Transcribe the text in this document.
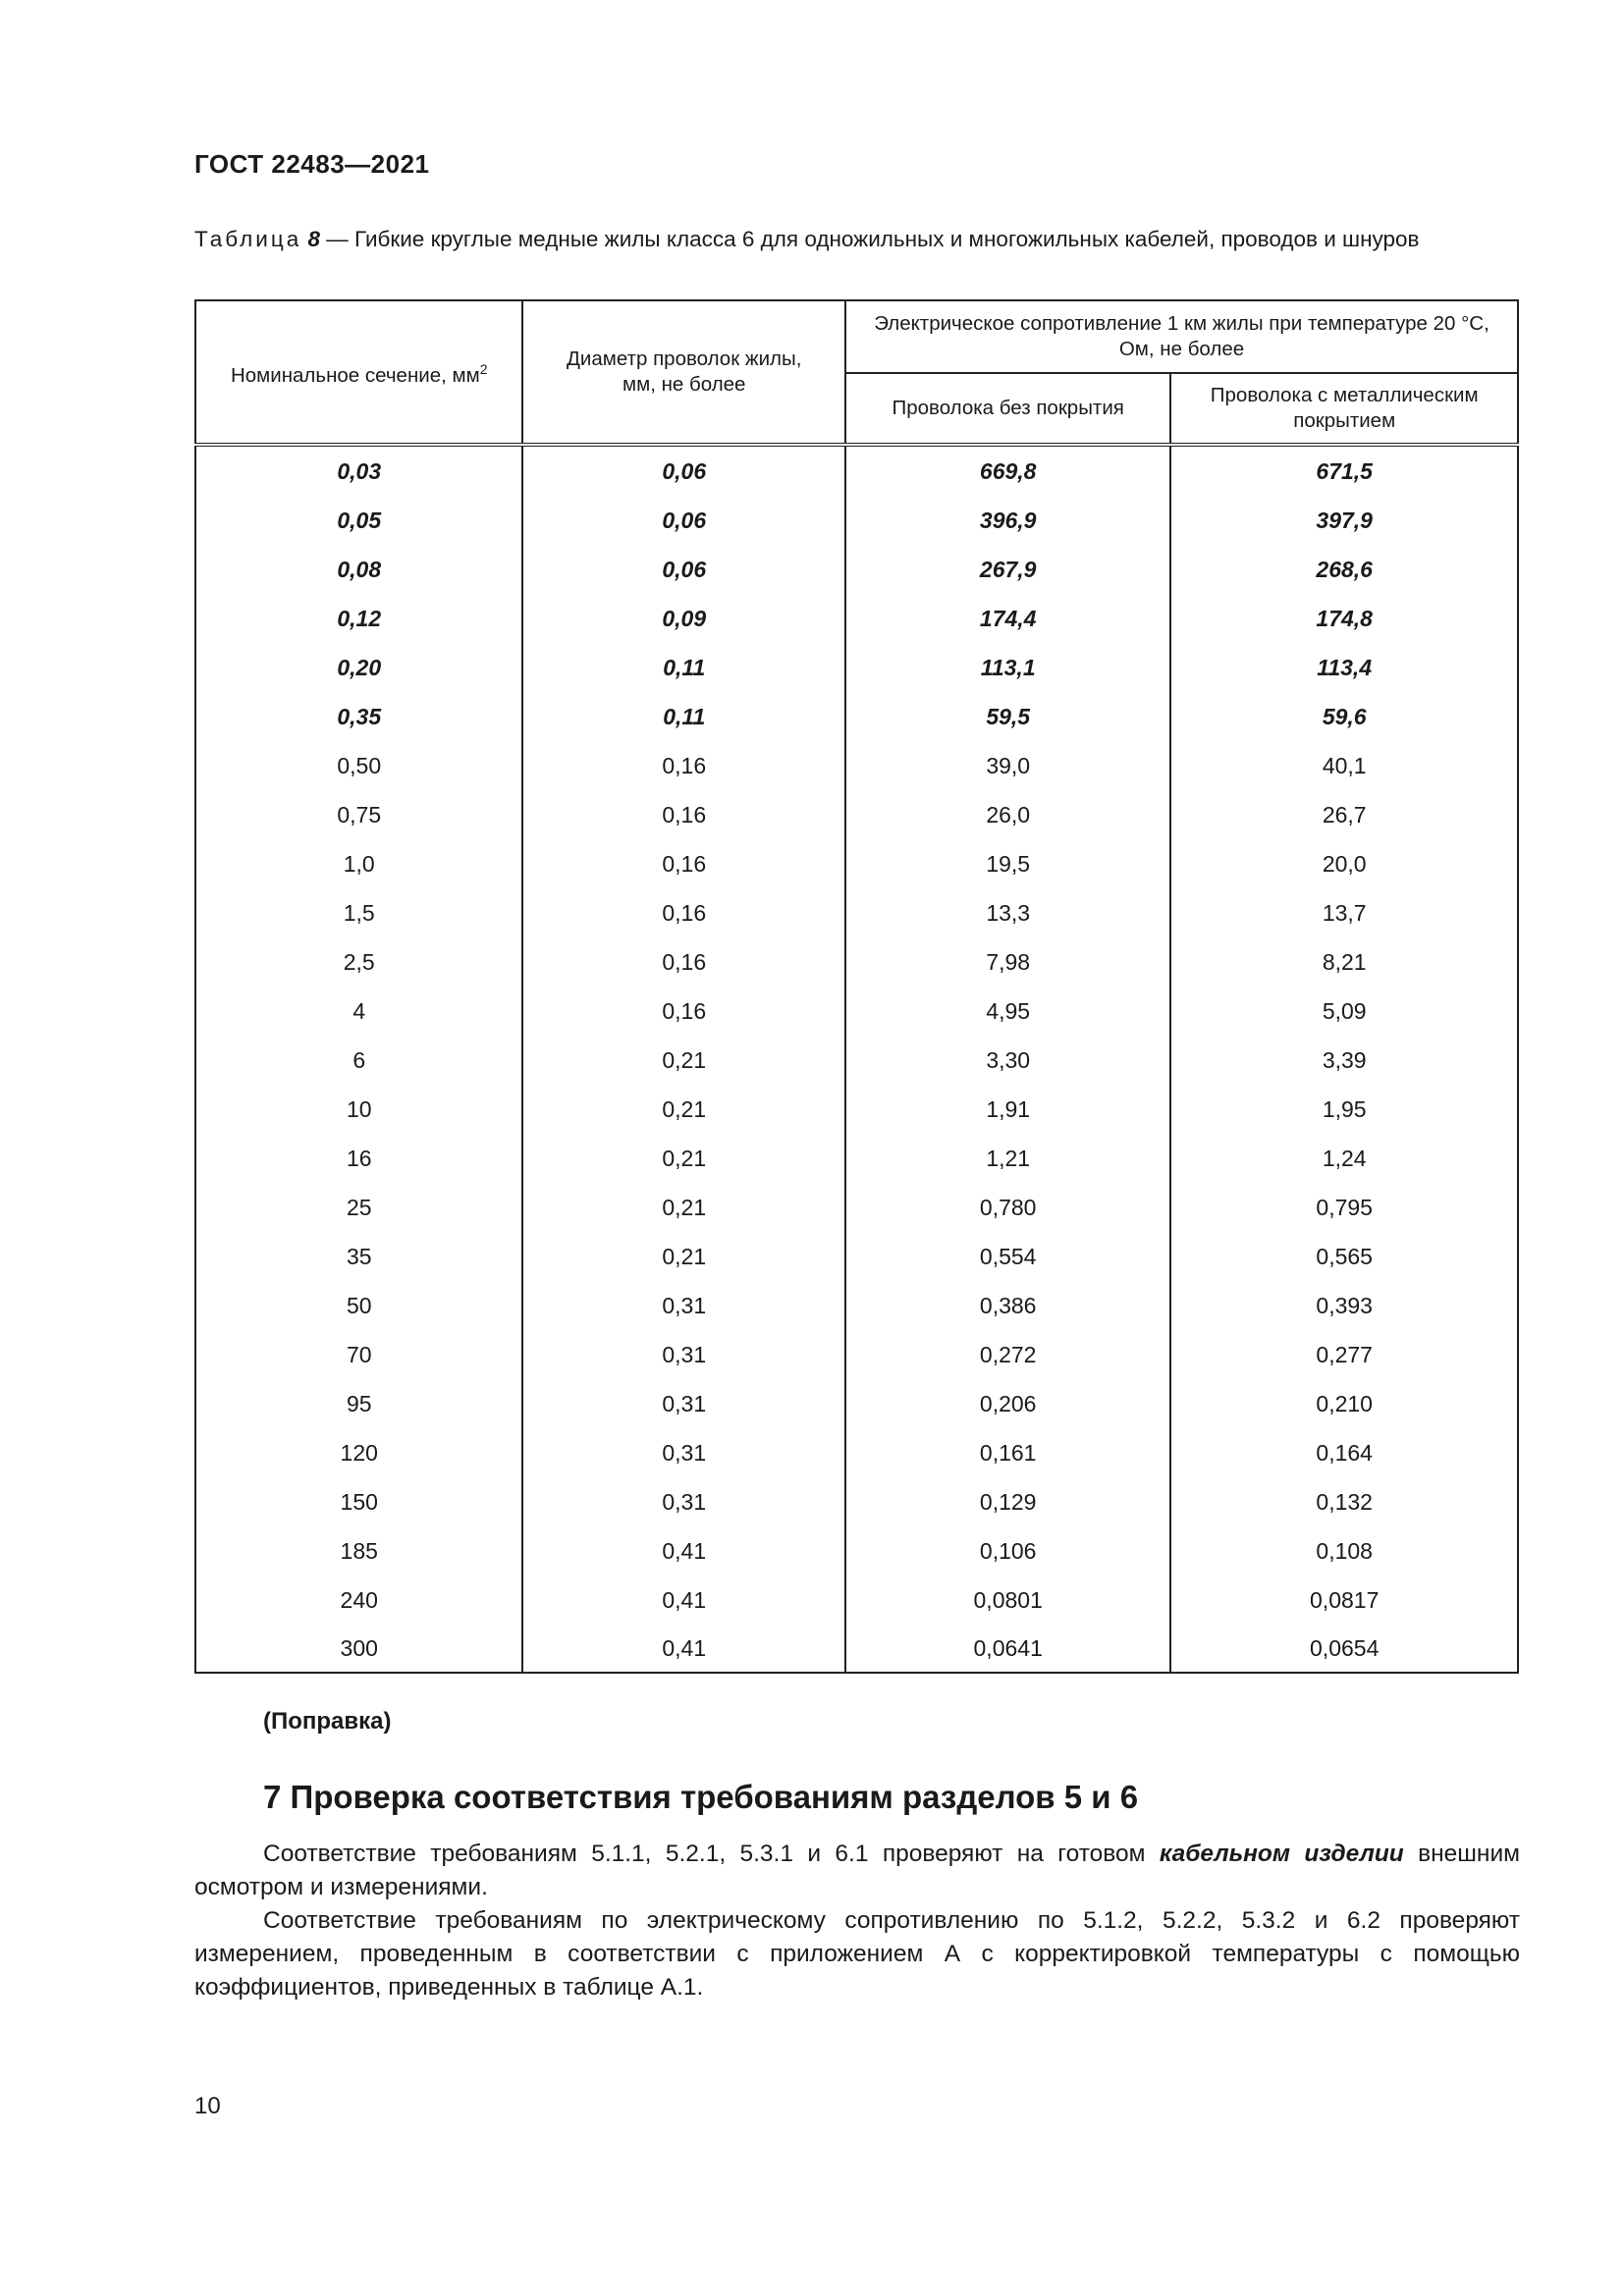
ГОСТ 22483—2021
Таблица 8 — Гибкие круглые медные жилы класса 6 для одножильных и многожильных кабелей, проводов и шнуров
Номинальное сечение, $мм^2$	Диаметр проволок жилы, мм, не более	Электрическое сопротивление 1 км жилы при температуре 20 °C, Ом, не более	

		Проволока без покрытия	Проволока с металлическим покрытием

0,03	0,06	669,8	671,5
0,05	0,06	396,9	397,9
0,08	0,06	267,9	268,6
0,12	0,09	174,4	174,8
0,20	0,11	113,1	113,4
0,35	0,11	59,5	59,6
0,50	0,16	39,0	40,1
0,75	0,16	26,0	26,7
1,0	0,16	19,5	20,0
1,5	0,16	13,3	13,7
2,5	0,16	7,98	8,21
4	0,16	4,95	5,09
6	0,21	3,30	3,39
10	0,21	1,91	1,95
16	0,21	1,21	1,24
25	0,21	0,780	0,795
35	0,21	0,554	0,565
50	0,31	0,386	0,393
70	0,31	0,272	0,277
95	0,31	0,206	0,210
120	0,31	0,161	0,164
150	0,31	0,129	0,132
185	0,41	0,106	0,108
240	0,41	0,0801	0,0817
300	0,41	0,0641	0,0654
(Поправка)
7 Проверка соответствия требованиям разделов 5 и 6
Соответствие требованиям 5.1.1, 5.2.1, 5.3.1 и 6.1 проверяют на готовом кабельном изделии внешним осмотром и измерениями.
Соответствие требованиям по электрическому сопротивлению по 5.1.2, 5.2.2, 5.3.2 и 6.2 проверяют измерением, проведенным в соответствии с приложением А с корректировкой температуры с помощью коэффициентов, приведенных в таблице А.1.
10
